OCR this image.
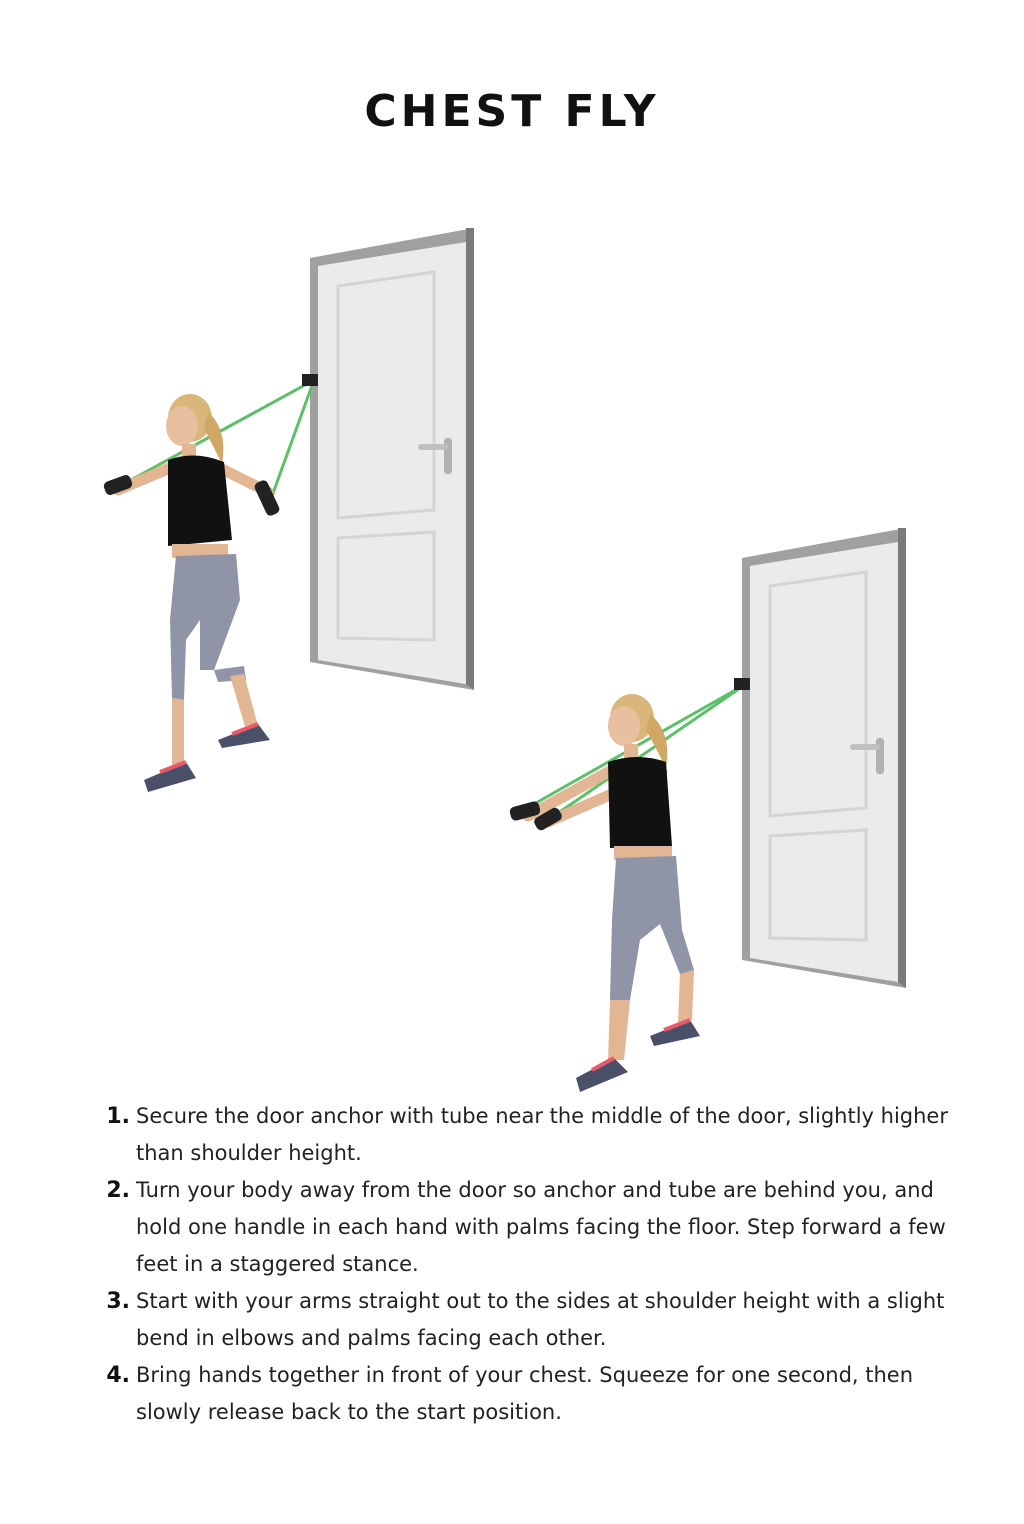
CHEST FLY
1. Secure the door anchor with tube near the middle of the door, slightly higher than shoulder height.
2. Turn your body away from the door so anchor and tube are behind you, and hold one handle in each hand with palms facing the floor. Step forward a few feet in a staggered stance.
3. Start with your arms straight out to the sides at shoulder height with a slight bend in elbows and palms facing each other.
4. Bring hands together in front of your chest. Squeeze for one second, then slowly release back to the start position.
